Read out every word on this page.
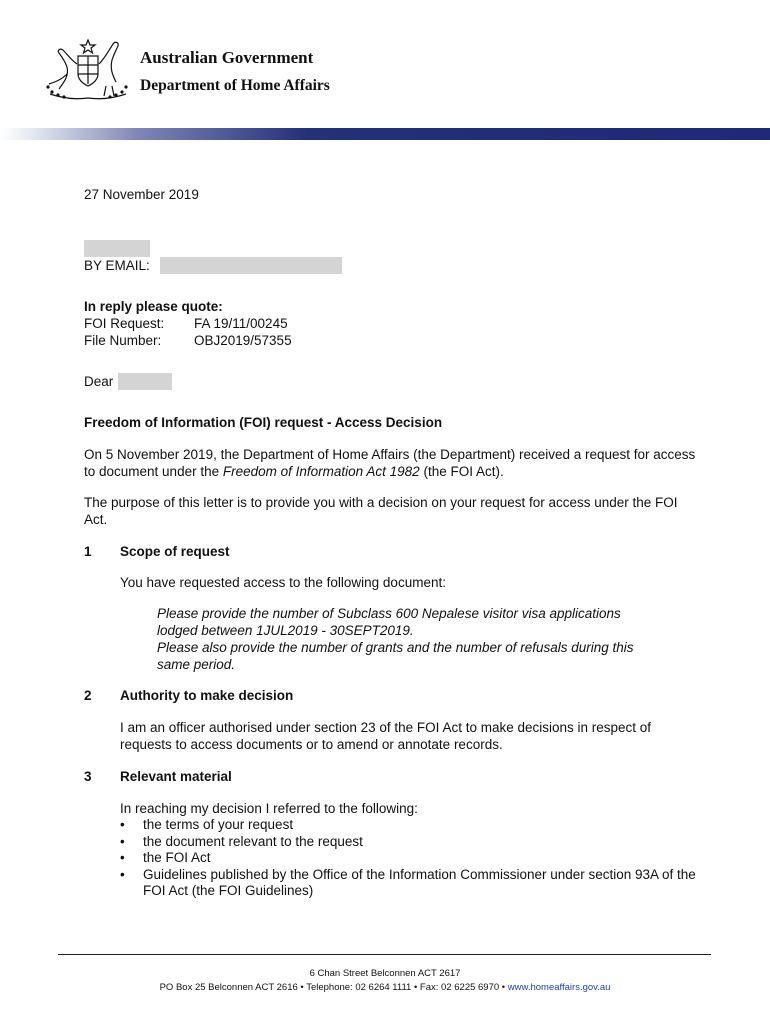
Australian Government
Department of Home Affairs
27 November 2019
BY EMAIL:
In reply please quote:
FOI Request: FA 19/11/00245
File Number: OBJ2019/57355
Dear
Freedom of Information (FOI) request - Access Decision
On 5 November 2019, the Department of Home Affairs (the Department) received a request for access to document under the Freedom of Information Act 1982 (the FOI Act).
The purpose of this letter is to provide you with a decision on your request for access under the FOI Act.
1 Scope of request
You have requested access to the following document:
Please provide the number of Subclass 600 Nepalese visitor visa applications
lodged between 1JUL2019 - 30SEPT2019.
Please also provide the number of grants and the number of refusals during this
same period.
2 Authority to make decision
I am an officer authorised under section 23 of the FOI Act to make decisions in respect of requests to access documents or to amend or annotate records.
3 Relevant material
In reaching my decision I referred to the following:
• the terms of your request
• the document relevant to the request
• the FOI Act
• Guidelines published by the Office of the Information Commissioner under section 93A of the FOI Act (the FOI Guidelines)
6 Chan Street Belconnen ACT 2617
PO Box 25 Belconnen ACT 2616 • Telephone: 02 6264 1111 • Fax: 02 6225 6970 • www.homeaffairs.gov.au
